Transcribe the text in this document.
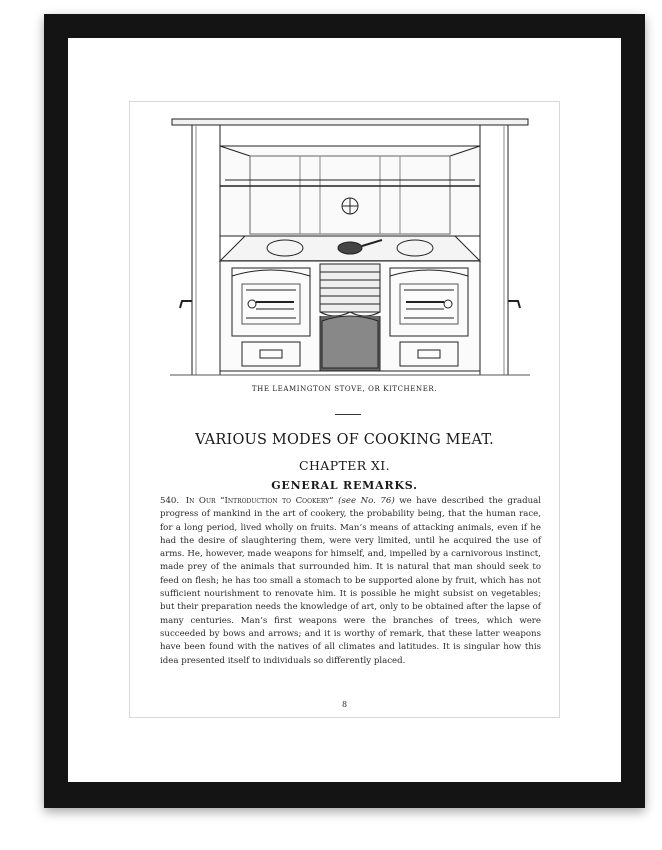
THE LEAMINGTON STOVE, OR KITCHENER.
VARIOUS MODES OF COOKING MEAT.
CHAPTER XI.
GENERAL REMARKS.

540. In Our “Introduction to Cookery” (see No. 76) we have described the gradual progress of mankind in the art of cookery, the probability being, that the human race, for a long period, lived wholly on fruits. Man’s means of attacking animals, even if he had the desire of slaughtering them, were very limited, until he acquired the use of arms. He, however, made weapons for himself, and, impelled by a carnivorous instinct, made prey of the animals that surrounded him. It is natural that man should seek to feed on flesh; he has too small a stomach to be supported alone by fruit, which has not sufficient nourishment to renovate him. It is possible he might subsist on vegetables; but their preparation needs the knowledge of art, only to be obtained after the lapse of many centuries. Man’s first weapons were the branches of trees, which were succeeded by bows and arrows; and it is worthy of remark, that these latter weapons have been found with the natives of all climates and latitudes. It is singular how this idea presented itself to individuals so differently placed.

8
